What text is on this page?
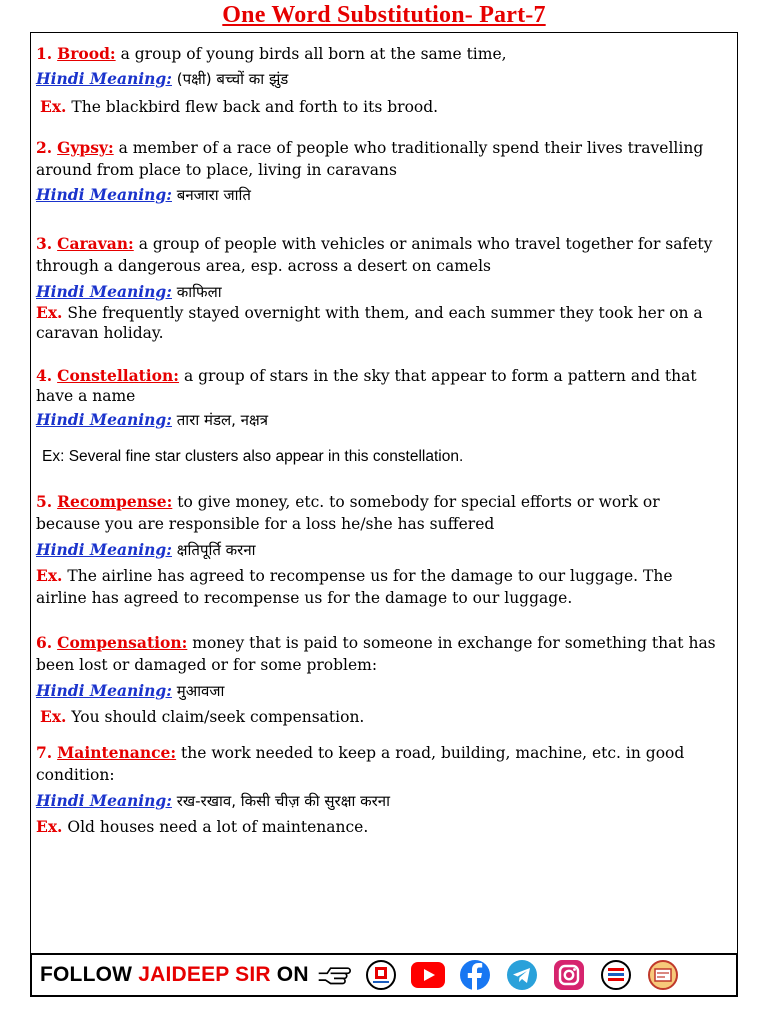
One Word Substitution- Part-7

1. Brood: a group of young birds all born at the same time,

Hindi Meaning: (पक्षी) बच्चों का झुंड

Ex. The blackbird flew back and forth to its brood.

2. Gypsy: a member of a race of people who traditionally spend their lives travelling around from place to place, living in caravans

Hindi Meaning: बनजारा जाति

3. Caravan: a group of people with vehicles or animals who travel together for safety through a dangerous area, esp. across a desert on camels

Hindi Meaning: काफिला

Ex. She frequently stayed overnight with them, and each summer they took her on a caravan holiday.

4. Constellation: a group of stars in the sky that appear to form a pattern and that have a name

Hindi Meaning: तारा मंडल, नक्षत्र

Ex: Several fine star clusters also appear in this constellation.

5. Recompense: to give money, etc. to somebody for special efforts or work or because you are responsible for a loss he/she has suffered

Hindi Meaning: क्षतिपूर्ति करना

Ex. The airline has agreed to recompense us for the damage to our luggage. The airline has agreed to recompense us for the damage to our luggage.

6. Compensation: money that is paid to someone in exchange for something that has been lost or damaged or for some problem:

Hindi Meaning: मुआवजा

Ex. You should claim/seek compensation.

7. Maintenance: the work needed to keep a road, building, machine, etc. in good condition:

Hindi Meaning: रख-रखाव, किसी चीज़ की सुरक्षा करना

Ex. Old houses need a lot of maintenance.

FOLLOW JAIDEEP SIR ON
